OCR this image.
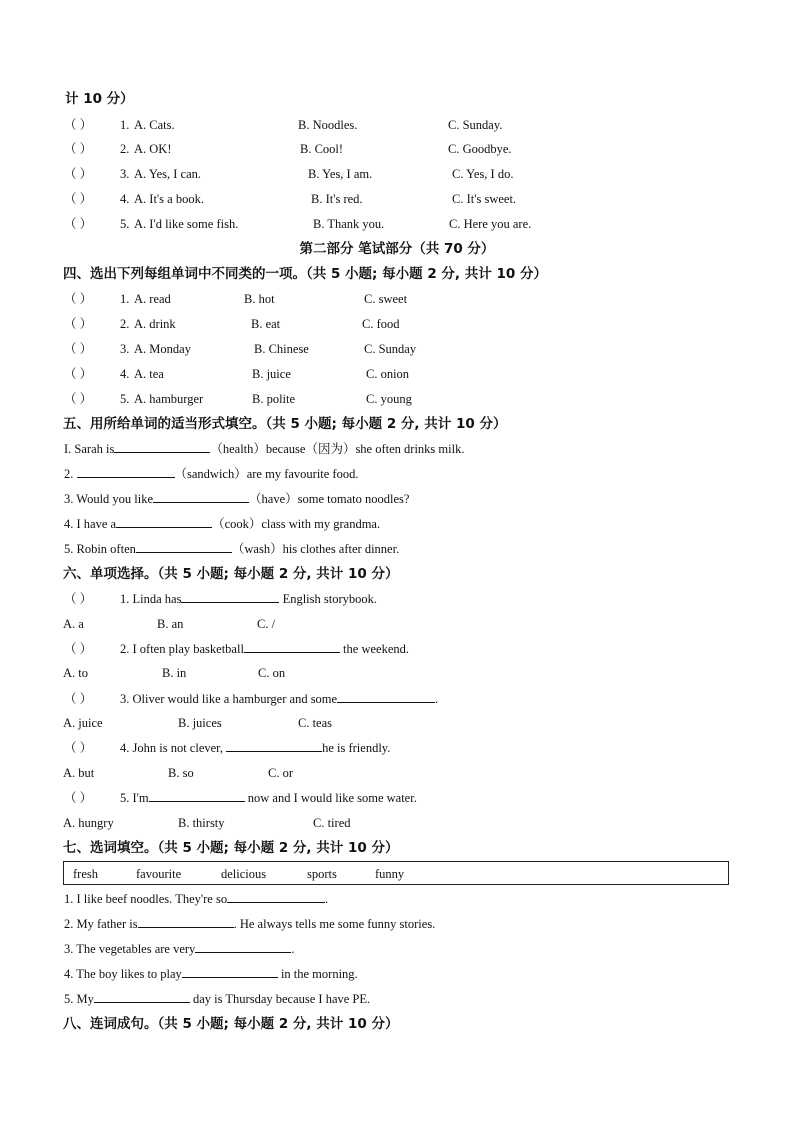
计 10 分）
（ ） 1. A. Cats.	B. Noodles.	C. Sunday.
（ ） 2. A. OK!	B. Cool!	C. Goodbye.
（ ） 3. A. Yes, I can.	B. Yes, I am.	C. Yes, I do.
（ ） 4. A. It's a book.	B. It's red.	C. It's sweet.
（ ） 5. A. I'd like some fish.	B. Thank you.	C. Here you are.
第二部分 笔试部分（共 70 分）
四、选出下列每组单词中不同类的一项。（共 5 小题; 每小题 2 分, 共计 10 分）
（ ） 1. A. read	B. hot	C. sweet
（ ） 2. A. drink	B. eat	C. food
（ ） 3. A. Monday	B. Chinese	C. Sunday
（ ） 4. A. tea	B. juice	C. onion
（ ） 5. A. hamburger	B. polite	C. young
五、用所给单词的适当形式填空。（共 5 小题; 每小题 2 分, 共计 10 分）
I. Sarah is	（health）because（因为）she often drinks milk.
2.	（sandwich）are my favourite food.
3. Would you like	（have）some tomato noodles?
4. I have a	（cook）class with my grandma.
5. Robin often	（wash）his clothes after dinner.
六、单项选择。（共 5 小题; 每小题 2 分, 共计 10 分）
（ ） 1. Linda has	English storybook.
A. a	B. an	C. /
（ ） 2. I often play basketball	the weekend.
A. to	B. in	C. on
（ ） 3. Oliver would like a hamburger and some	.
A. juice	B. juices	C. teas
（ ） 4. John is not clever,	he is friendly.
A. but	B. so	C. or
（ ） 5. I'm	now and I would like some water.
A. hungry	B. thirsty	C. tired
七、选词填空。（共 5 小题; 每小题 2 分, 共计 10 分）
fresh	favourite	delicious	sports	funny
1. I like beef noodles. They're so	.
2. My father is	. He always tells me some funny stories.
3. The vegetables are very	.
4. The boy likes to play	in the morning.
5. My	day is Thursday because I have PE.
八、连词成句。（共 5 小题; 每小题 2 分, 共计 10 分）
